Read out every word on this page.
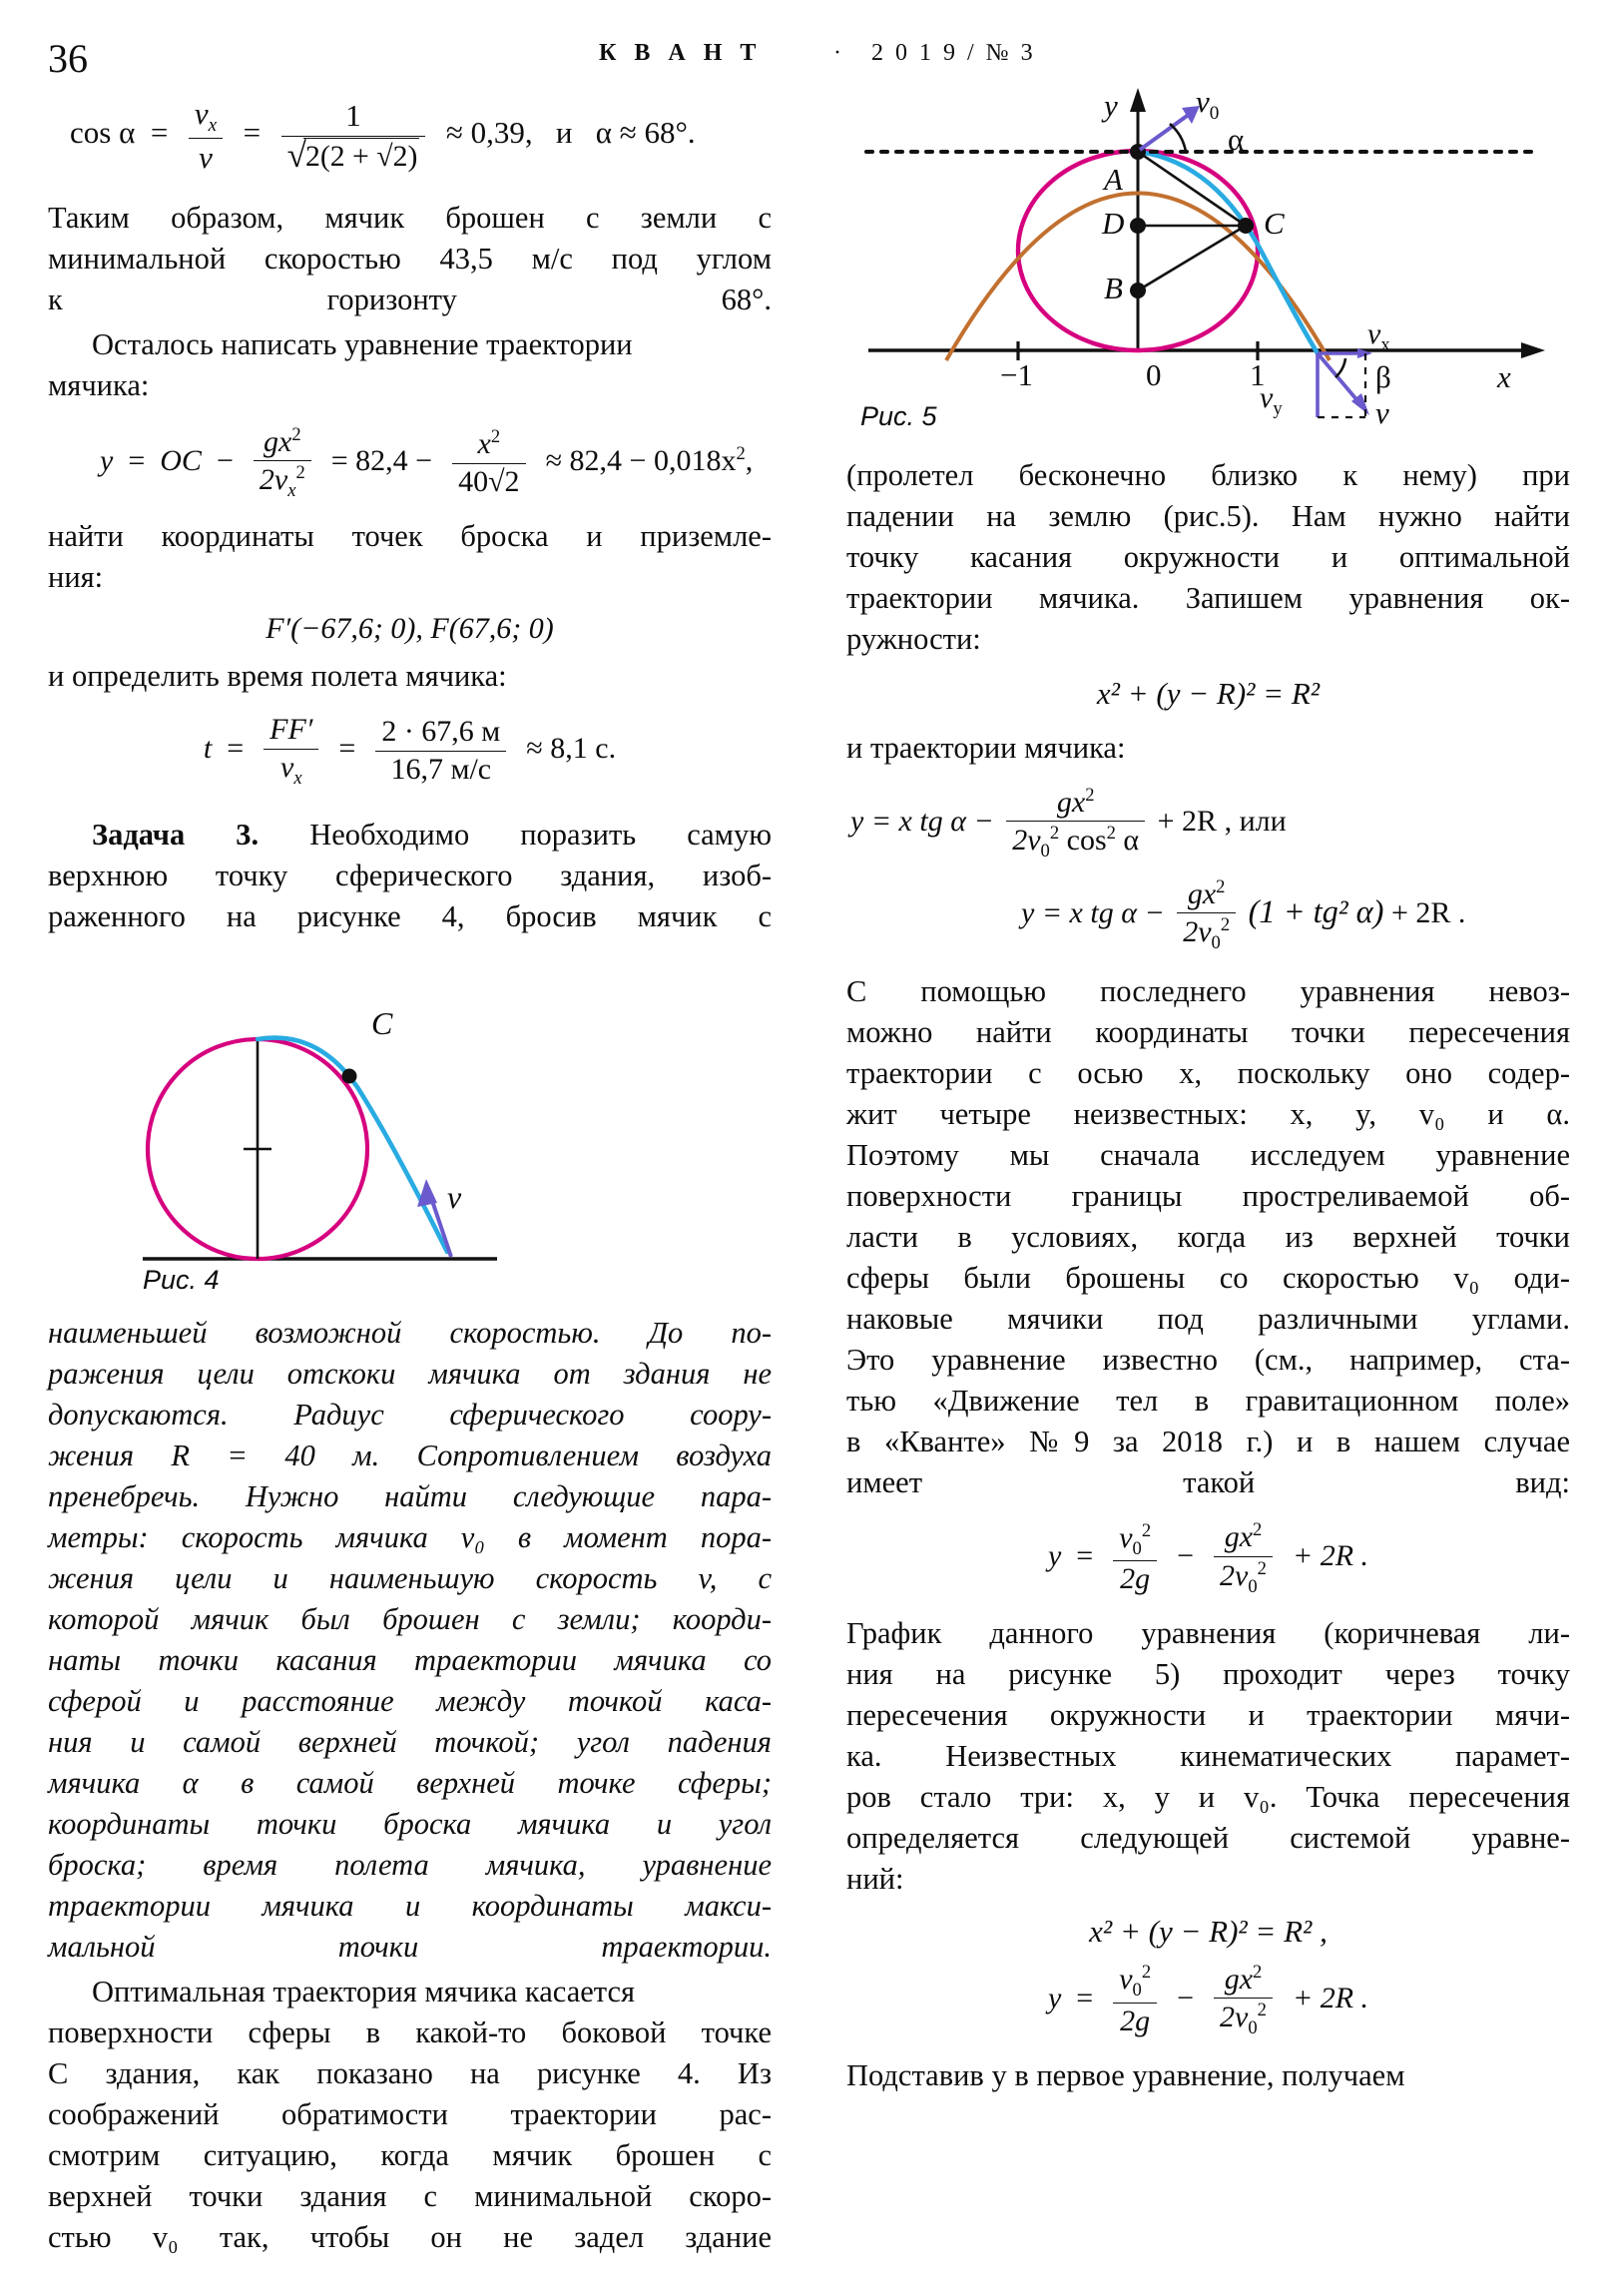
36	К В А Н Т	· 2 0 1 9 / № 3
$\cos \alpha = \frac{v_x}{v} = 1$
√ 2(2 + √2) ≈ 0,39,   и α ≈ 68°.

Таким образом, мячик брошен с земли с
минимальной скоростью 43,5 м/с под углом
к горизонту 68°.

Осталось написать уравнение траектории
мячика:

y  =  OC − $\frac{gx^2}{2v_x^2} = 82,4 - \frac{x^2}{40√2} \approx 82,4 - 0,018x^2$,

найти координаты точек броска и приземле-
ния:

F′(−67,6; 0), F(67,6; 0)

и определить время полета мячика:

$t = \frac{FF'}{v_x} = \frac{2 \cdot 67,6 м}{16,7 м/с} \approx 8,1$ с.

Задача 3. Необходимо поразить самую
верхнюю точку сферического здания, изоб-
раженного на рисунке 4, бросив мячик с

C
v
Рис. 4

наименьшей возможной скоростью. До по-
ражения цели отскоки мячика от здания не
допускаются. Радиус сферического соору-
жения R = 40 м. Сопротивлением воздуха
пренебречь. Нужно найти следующие пара-
метры: скорость мячика v₀ в момент пора-
жения цели и наименьшую скорость v, с
которой мячик был брошен с земли; коорди-
наты точки касания траектории мячика со
сферой и расстояние между точкой каса-
ния и самой верхней точкой; угол падения
мячика α в самой верхней точке сферы;
координаты точки броска мячика и угол
броска; время полета мячика, уравнение
траектории мячика и координаты макси-
мальной точки траектории.

Оптимальная траектория мячика касается
поверхности сферы в какой-то боковой точке
C здания, как показано на рисунке 4. Из
соображений обратимости траектории рас-
смотрим ситуацию, когда мячик брошен с
верхней точки здания с минимальной скоро-
стью v₀ так, чтобы он не задел здание

y
x
$v_0$
α
A
D
B
C
−1	0	1
$v_x$
β
$v_y$	v
Рис. 5

(пролетел бесконечно близко к нему) при
падении на землю (рис.5). Нам нужно найти
точку касания окружности и оптимальной
траектории мячика. Запишем уравнения ок-
ружности:

x² + (y − R)² = R²

и траектории мячика:

y = x tg $\alpha - \frac{gx^2}{2v_0^2 \cos^2 \alpha} + 2R$ , или
y = x tg $\alpha - \frac{gx^2}{2v_0^2} (1 + tg^2$ α) + 2R .

С помощью последнего уравнения невоз-
можно найти координаты точки пересечения
траектории с осью x, поскольку оно содер-
жит четыре неизвестных: x, y, v₀ и α.
Поэтому мы сначала исследуем уравнение
поверхности границы простреливаемой об-
ласти в условиях, когда из верхней точки
сферы были брошены со скоростью v₀ оди-
наковые мячики под различными углами.
Это уравнение известно (см., например, ста-
тью «Движение тел в гравитационном поле»
в «Кванте» №9 за 2018 г.) и в нашем случае
имеет такой вид:

$y = \frac{v_0^2}{2g} - \frac{gx^2}{2v_0^2} + 2R$ .

График данного уравнения (коричневая ли-
ния на рисунке 5) проходит через точку
пересечения окружности и траектории мячи-
ка. Неизвестных кинематических парамет-
ров стало три: x, y и v₀. Точка пересечения
определяется следующей системой уравне-
ний:

x² + (y − R)² = R² ,
$y = \frac{v_0^2}{2g} - \frac{gx^2}{2v_0^2} + 2R$ .

Подставив y в первое уравнение, получаем
